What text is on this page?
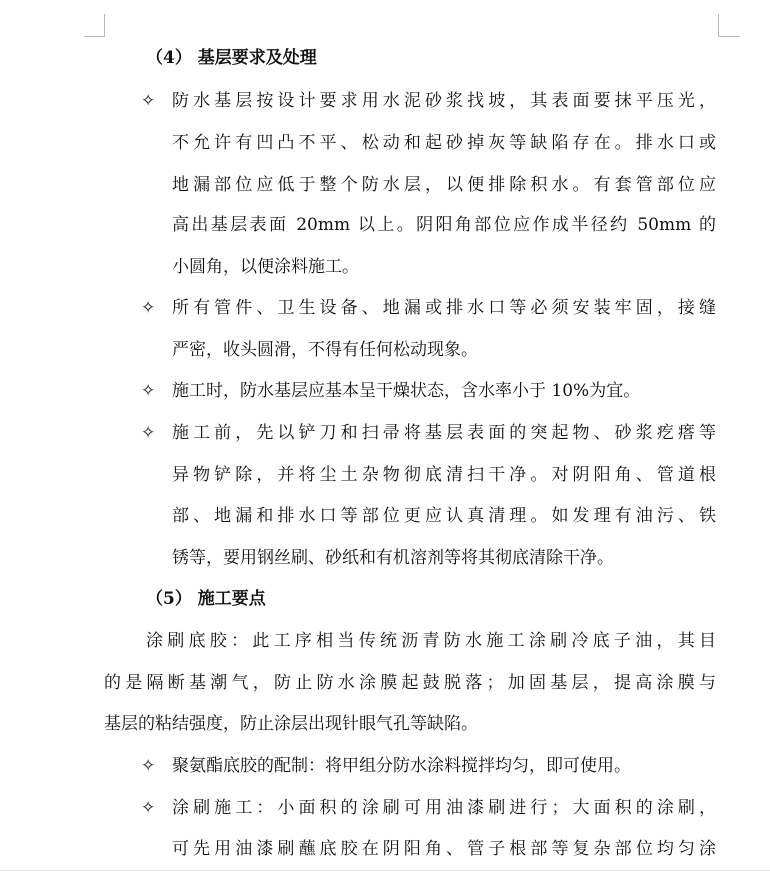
（4） 基层要求及处理
✧ 防水基层按设计要求用水泥砂浆找坡，其表面要抹平压光，
不允许有凹凸不平、松动和起砂掉灰等缺陷存在。排水口或
地漏部位应低于整个防水层，以便排除积水。有套管部位应
高出基层表面 20mm 以上。阴阳角部位应作成半径约 50mm 的
小圆角，以便涂料施工。
✧ 所有管件、卫生设备、地漏或排水口等必须安装牢固，接缝
严密，收头圆滑，不得有任何松动现象。
✧ 施工时，防水基层应基本呈干燥状态，含水率小于 10%为宜。
✧ 施工前，先以铲刀和扫帚将基层表面的突起物、砂浆疙瘩等
异物铲除，并将尘土杂物彻底清扫干净。对阴阳角、管道根
部、地漏和排水口等部位更应认真清理。如发理有油污、铁
锈等，要用钢丝刷、砂纸和有机溶剂等将其彻底清除干净。
（5） 施工要点
涂刷底胶：此工序相当传统沥青防水施工涂刷冷底子油，其目
的是隔断基潮气，防止防水涂膜起鼓脱落；加固基层，提高涂膜与
基层的粘结强度，防止涂层出现针眼气孔等缺陷。
✧ 聚氨酯底胶的配制：将甲组分防水涂料搅拌均匀，即可使用。
✧ 涂刷施工：小面积的涂刷可用油漆刷进行；大面积的涂刷，
可先用油漆刷蘸底胶在阴阳角、管子根部等复杂部位均匀涂
